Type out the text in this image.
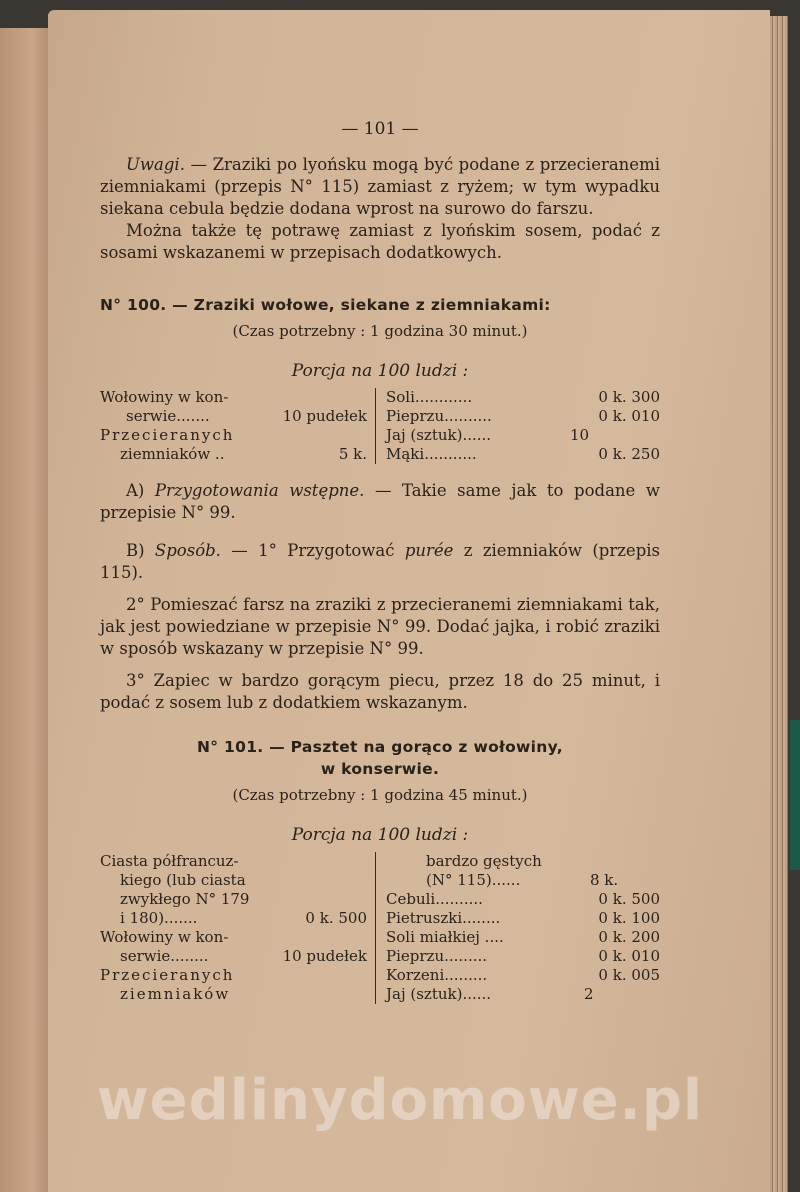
— 101 —

Uwagi. — Zraziki po lyońsku mogą być podane z przecieranemi ziemniakami (przepis N° 115) zamiast z ryżem; w tym wypadku siekana cebula będzie dodana wprost na surowo do farszu.

Można także tę potrawę zamiast z lyońskim sosem, podać z sosami wskazanemi w przepisach dodatkowych.

N° 100. — Zraziki wołowe, siekane z ziemniakami:
(Czas potrzebny : 1 godzina 30 minut.)
Porcja na 100 ludzi :
Wołowiny w kon-
serwie.......	10 pudełek
Przecieranych
ziemniaków ..	5 k.
Soli............	0 k. 300
Pieprzu..........	0 k. 010
Jaj (sztuk)......	10
Mąki...........	0 k. 250

A) Przygotowania wstępne. — Takie same jak to podane w przepisie N° 99.

B) Sposób. — 1° Przygotować purée z ziemniaków (przepis 115).

2° Pomieszać farsz na zraziki z przecieranemi ziemniakami tak, jak jest powiedziane w przepisie N° 99. Dodać jajka, i robić zraziki w sposób wskazany w przepisie N° 99.

3° Zapiec w bardzo gorącym piecu, przez 18 do 25 minut, i podać z sosem lub z dodatkiem wskazanym.

N° 101. — Pasztet na gorąco z wołowiny,
w konserwie.
(Czas potrzebny : 1 godzina 45 minut.)
Porcja na 100 ludzi :
Ciasta półfrancuz-
kiego (lub ciasta
zwykłego N° 179
i 180).......	0 k. 500
Wołowiny w kon-
serwie........	10 pudełek
Przecieranych
ziemniaków
bardzo gęstych
(N° 115)......	8 k.
Cebuli..........	0 k. 500
Pietruszki........	0 k. 100
Soli miałkiej ....	0 k. 200
Pieprzu.........	0 k. 010
Korzeni.........	0 k. 005
Jaj (sztuk)......	2
wedlinydomowe.pl
